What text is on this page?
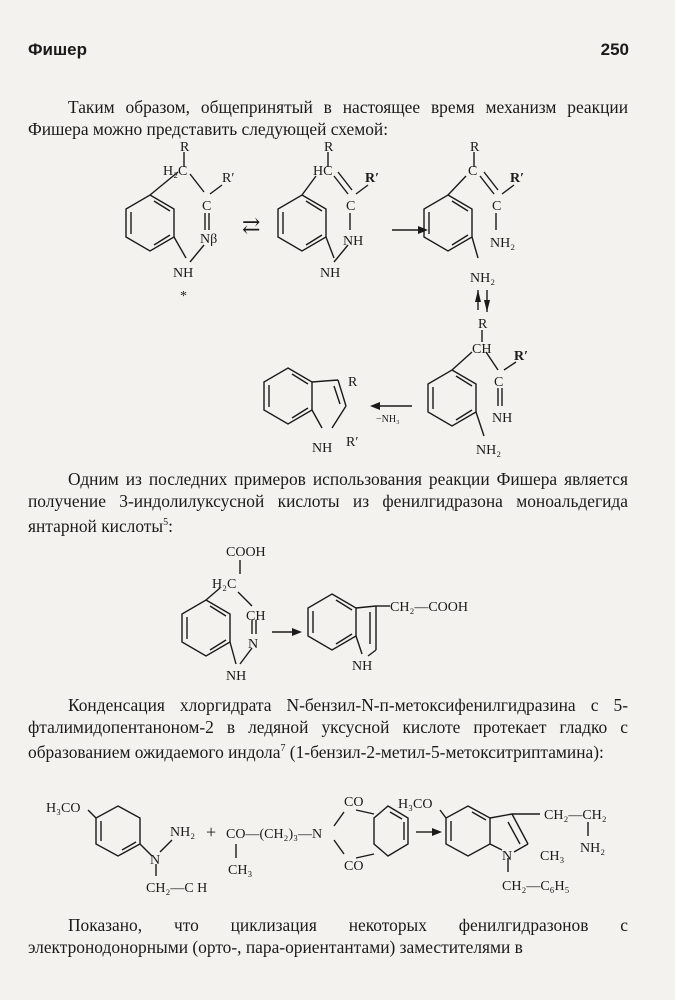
Фишер	250
Таким образом, общепринятый в настоящее время механизм реакции Фишера можно представить следующей схемой:
R
H₂C R′
C
Nβ
NH
*
⇄
R
HC R′
C
NH
NH
R
C R′
C
NH₂
NH₂
R
CH R′
C
NH
NH₂
−NH₃
R
R′
NH
Одним из последних примеров использования реакции Фишера является получение 3-индолилуксусной кислоты из фенилгидразона моноальдегида янтарной кислоты$^5$:
COOH
H₂C
CH
N
NH
CH₂—COOH
NH
Конденсация хлоргидрата N-бензил-N-п-метоксифенилгидразина с 5-фталимидопентаноном-2 в ледяной уксусной кислоте протекает гладко с образованием ожидаемого индола$^7$ (1-бензил-2-метил-5-метокситриптамина):
H₃CO
NH₂
N
CH₂—C H
+ CO—(CH₂)₃—N
CH₃
CO
CO
H₃CO
CH₂—CH₂
CH₃
NH₂
N
CH₂—C₆H₅
Показано, что циклизация некоторых фенилгидразонов с электронодонорными (орто-, пара-ориентантами) заместителями в
